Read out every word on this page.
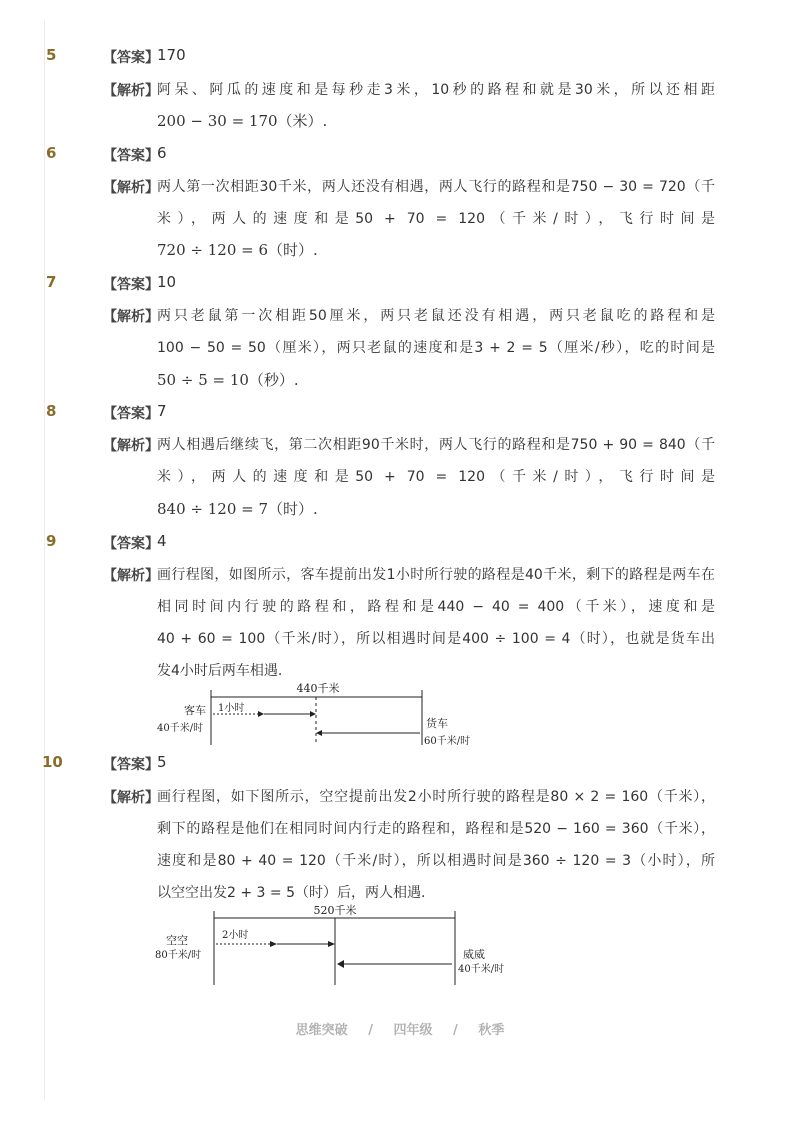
5	【答案】
170
【解析】
阿呆、阿瓜的速度和是每秒走3米，10秒的路程和就是30米，所以还相距
200 − 30 = 170（米）.
6	【答案】
6
【解析】
两人第一次相距30千米，两人还没有相遇，两人飞行的路程和是750 − 30 = 720（千
米），两人的速度和是50 + 70 = 120（千米/时），飞行时间是
720 ÷ 120 = 6（时）.
7	【答案】
10
【解析】
两只老鼠第一次相距50厘米，两只老鼠还没有相遇，两只老鼠吃的路程和是
100 − 50 = 50（厘米），两只老鼠的速度和是3 + 2 = 5（厘米/秒），吃的时间是
50 ÷ 5 = 10（秒）.
8	【答案】
7
【解析】
两人相遇后继续飞，第二次相距90千米时，两人飞行的路程和是750 + 90 = 840（千
米），两人的速度和是50 + 70 = 120（千米/时），飞行时间是
840 ÷ 120 = 7（时）.
9	【答案】
4
【解析】
画行程图，如图所示，客车提前出发1小时所行驶的路程是40千米，剩下的路程是两车在
相同时间内行驶的路程和，路程和是440 − 40 = 400（千米），速度和是
40 + 60 = 100（千米/时），所以相遇时间是400 ÷ 100 = 4（时），也就是货车出
发4小时后两车相遇.
440千米
1小时
客车
40千米/时	货车
60千米/时
10	【答案】
5
【解析】
画行程图，如下图所示，空空提前出发2小时所行驶的路程是80 × 2 = 160（千米），
剩下的路程是他们在相同时间内行走的路程和，路程和是520 − 160 = 360（千米），
速度和是80 + 40 = 120（千米/时），所以相遇时间是360 ÷ 120 = 3（小时），所
以空空出发2 + 3 = 5（时）后，两人相遇.
520千米
2小时
空空
80千米/时	威威
40千米/时
思维突破 / 四年级 / 秋季
